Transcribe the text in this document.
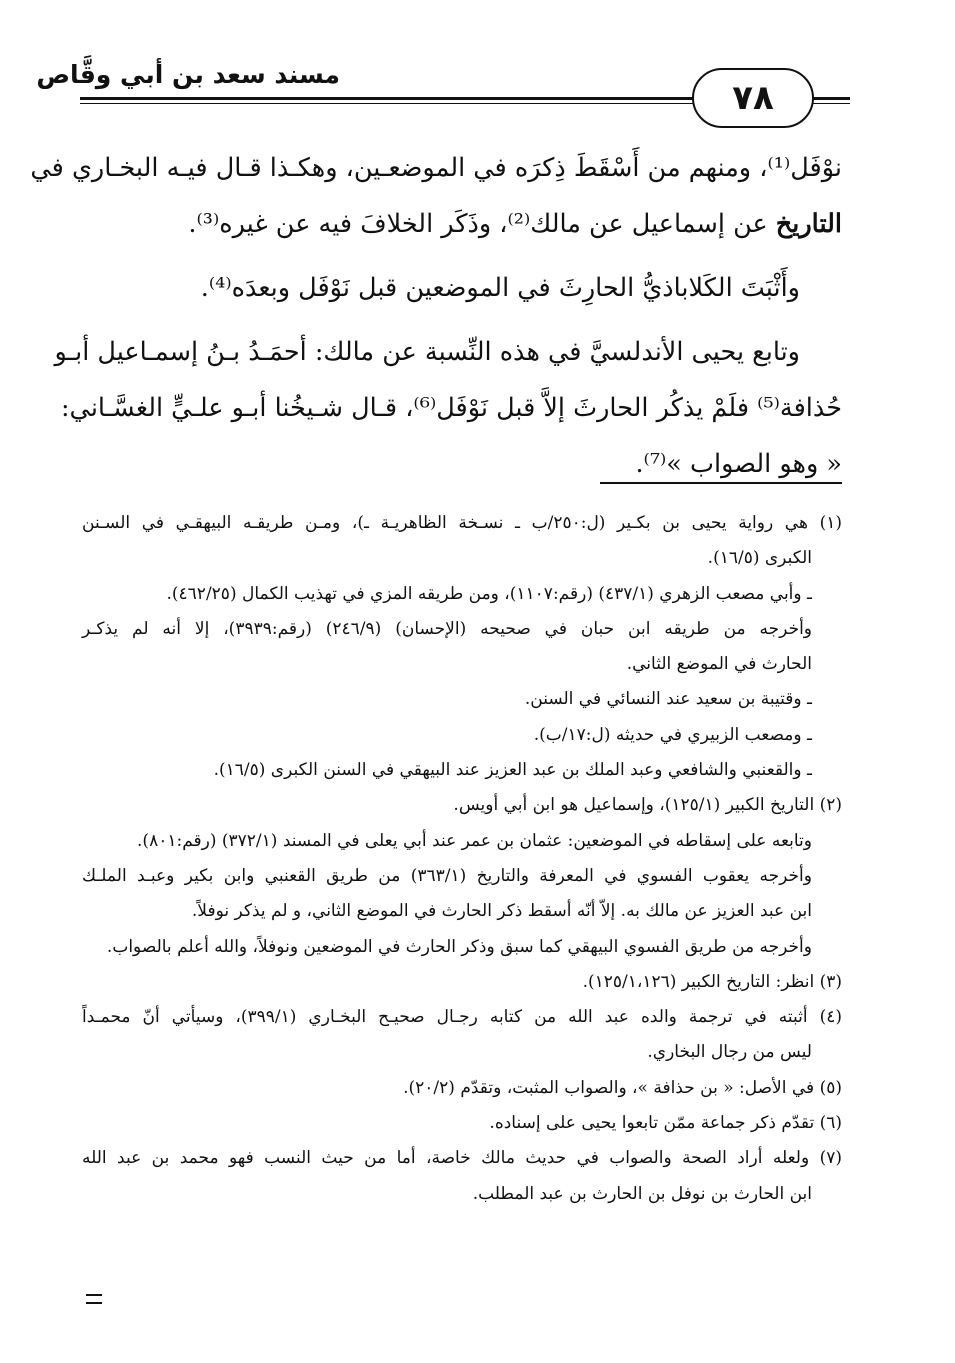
مسند سعد بن أبي وقَّاص
٧٨
نوْفَل⁽¹⁾، ومنهم من أَسْقَطَ ذِكرَه في الموضعـين، وهكـذا قـال فيـه البخـاري في
التاريخ عن إسماعيل عن مالك⁽²⁾، وذَكَر الخلافَ فيه عن غيره⁽³⁾.
وأَثْبَتَ الكَلاباذيُّ الحارِثَ في الموضعين قبل نَوْفَل وبعدَه⁽⁴⁾.
وتابع يحيى الأندلسيَّ في هذه النِّسبة عن مالك: أحمَـدُ بـنُ إسمـاعيل أبـو
حُذافة⁽⁵⁾ فلَمْ يذكُر الحارثَ إلاَّ قبل نَوْفَل⁽⁶⁾، قـال شـيخُنا أبـو علـيٍّ الغسَّـاني:
« وهو الصواب »⁽⁷⁾.
(١) هي رواية يحيى بن بكـير (ل:٢٥٠/ب ـ نسـخة الظاهريـة ـ)، ومـن طريقـه البيهقـي في السـنن
الكبرى (١٦/٥).
ـ وأبي مصعب الزهري (٤٣٧/١) (رقم:١١٠٧)، ومن طريقه المزي في تهذيب الكمال (٤٦٢/٢٥).
وأخرجه من طريقه ابن حبان في صحيحه (الإحسان) (٢٤٦/٩) (رقم:٣٩٣٩)، إلا أنه لم يذكـر
الحارث في الموضع الثاني.
ـ وقتيبة بن سعيد عند النسائي في السنن.
ـ ومصعب الزبيري في حديثه (ل:١٧/ب).
ـ والقعنبي والشافعي وعبد الملك بن عبد العزيز عند البيهقي في السنن الكبرى (١٦/٥).
(٢) التاريخ الكبير (١٢٥/١)، وإسماعيل هو ابن أبي أويس.
وتابعه على إسقاطه في الموضعين: عثمان بن عمر عند أبي يعلى في المسند (٣٧٢/١) (رقم:٨٠١).
وأخرجه يعقوب الفسوي في المعرفة والتاريخ (٣٦٣/١) من طريق القعنبي وابن بكير وعبـد الملـك
ابن عبد العزيز عن مالك به. إلاّ أنّه أسقط ذكر الحارث في الموضع الثاني، و لم يذكر نوفلاً.
وأخرجه من طريق الفسوي البيهقي كما سبق وذكر الحارث في الموضعين ونوفلاً، والله أعلم بالصواب.
(٣) انظر: التاريخ الكبير (١٢٥/١،١٢٦).
(٤) أثبته في ترجمة والده عبد الله من كتابه رجـال صحيـح البخـاري (٣٩٩/١)، وسيأتي أنّ محمـداً
ليس من رجال البخاري.
(٥) في الأصل: « بن حذافة »، والصواب المثبت، وتقدّم (٢٠/٢).
(٦) تقدّم ذكر جماعة ممّن تابعوا يحيى على إسناده.
(٧) ولعله أراد الصحة والصواب في حديث مالك خاصة، أما من حيث النسب فهو محمد بن عبد الله
ابن الحارث بن نوفل بن الحارث بن عبد المطلب.
